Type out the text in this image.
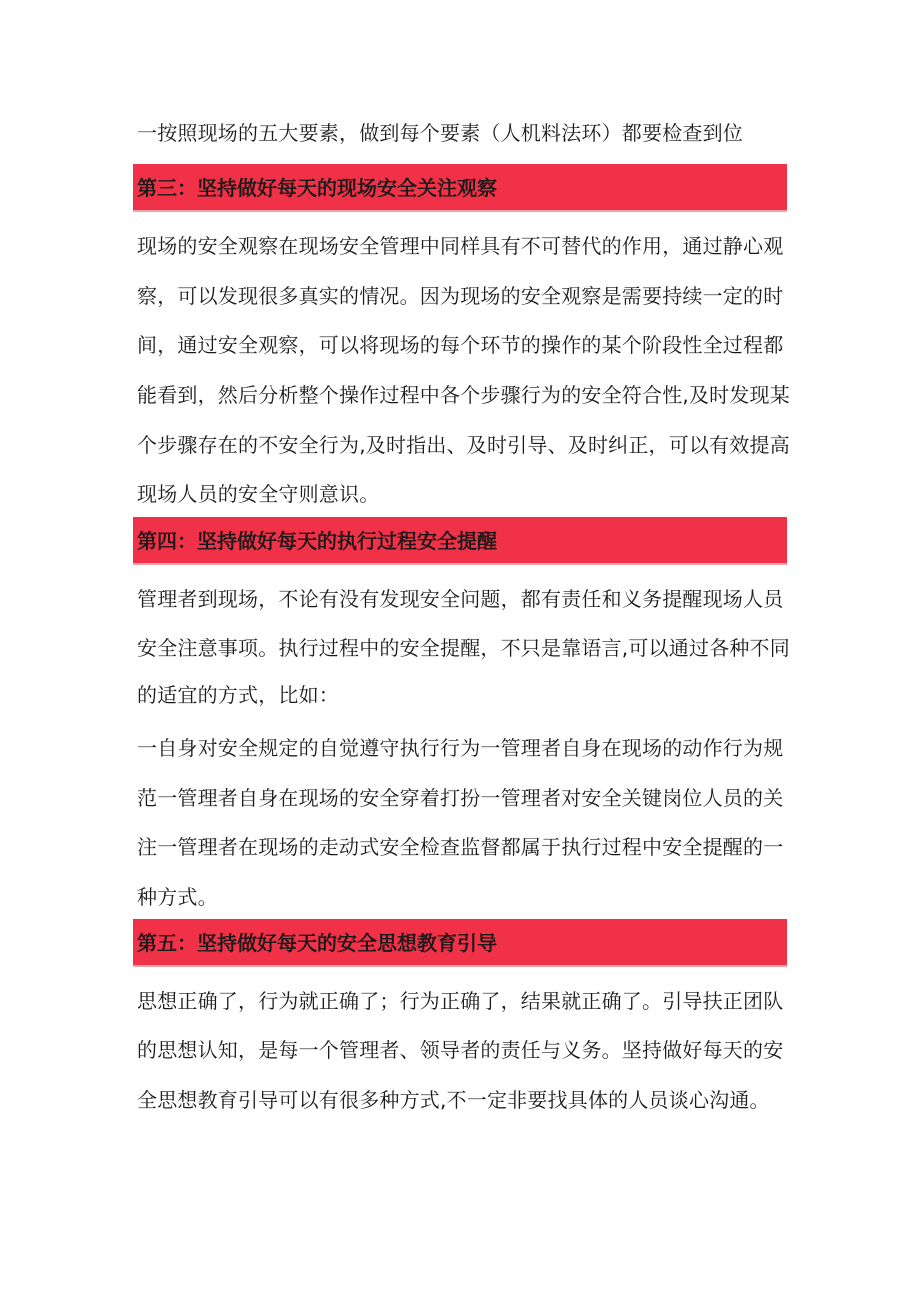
一按照现场的五大要素，做到每个要素（人机料法环）都要检查到位
第三：坚持做好每天的现场安全关注观察
现场的安全观察在现场安全管理中同样具有不可替代的作用，通过静心观
察，可以发现很多真实的情况。因为现场的安全观察是需要持续一定的时
间，通过安全观察，可以将现场的每个环节的操作的某个阶段性全过程都
能看到，然后分析整个操作过程中各个步骤行为的安全符合性,及时发现某
个步骤存在的不安全行为,及时指出、及时引导、及时纠正，可以有效提高
现场人员的安全守则意识。
第四：坚持做好每天的执行过程安全提醒
管理者到现场，不论有没有发现安全问题，都有责任和义务提醒现场人员
安全注意事项。执行过程中的安全提醒，不只是靠语言,可以通过各种不同
的适宜的方式，比如：
一自身对安全规定的自觉遵守执行行为一管理者自身在现场的动作行为规
范一管理者自身在现场的安全穿着打扮一管理者对安全关键岗位人员的关
注一管理者在现场的走动式安全检查监督都属于执行过程中安全提醒的一
种方式。
第五：坚持做好每天的安全思想教育引导
思想正确了，行为就正确了；行为正确了，结果就正确了。引导扶正团队
的思想认知，是每一个管理者、领导者的责任与义务。坚持做好每天的安
全思想教育引导可以有很多种方式,不一定非要找具体的人员谈心沟通。
